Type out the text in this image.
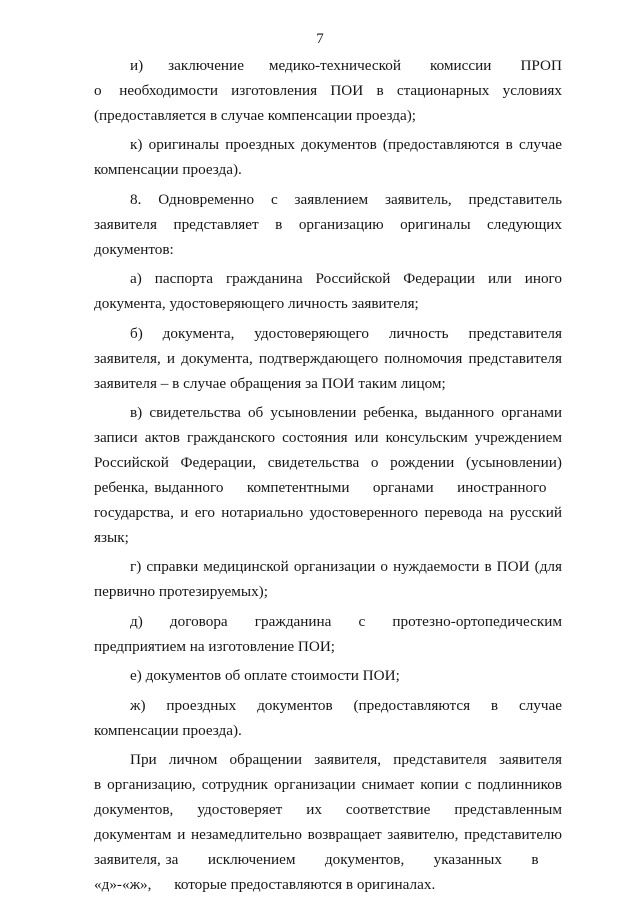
7

и)      заключение      медико-технической       комиссии       ПРОП о    необходимости   изготовления   ПОИ   в   стационарных   условиях (предоставляется в случае компенсации проезда);

к) оригиналы проездных документов (предоставляются в случае компенсации проезда).

8. Одновременно с заявлением заявитель, представитель заявителя представляет в организацию оригиналы следующих документов:

а) паспорта гражданина Российской Федерации или иного документа, удостоверяющего личность заявителя;

б) документа, удостоверяющего личность представителя заявителя, и документа, подтверждающего полномочия представителя заявителя – в случае обращения за ПОИ таким лицом;

в) свидетельства об усыновлении ребенка, выданного органами записи актов гражданского состояния или консульским учреждением Российской Федерации, свидетельства о рождении (усыновлении) ребенка, выданного    компетентными    органами    иностранного    государства, и его нотариально удостоверенного перевода на русский язык;

г) справки медицинской организации о нуждаемости в ПОИ (для первично протезируемых);

д) договора гражданина с протезно-ортопедическим предприятием на изготовление ПОИ;

е) документов об оплате стоимости ПОИ;

ж) проездных документов (предоставляются в случае компенсации проезда).

При   личном   обращении   заявителя,   представителя   заявителя в организацию, сотрудник организации снимает копии с подлинников документов, удостоверяет их соответствие представленным документам и незамедлительно возвращает заявителю, представителю заявителя, за      исключением      документов,      указанных      в      «д»-«ж»,      которые предоставляются в оригиналах.
